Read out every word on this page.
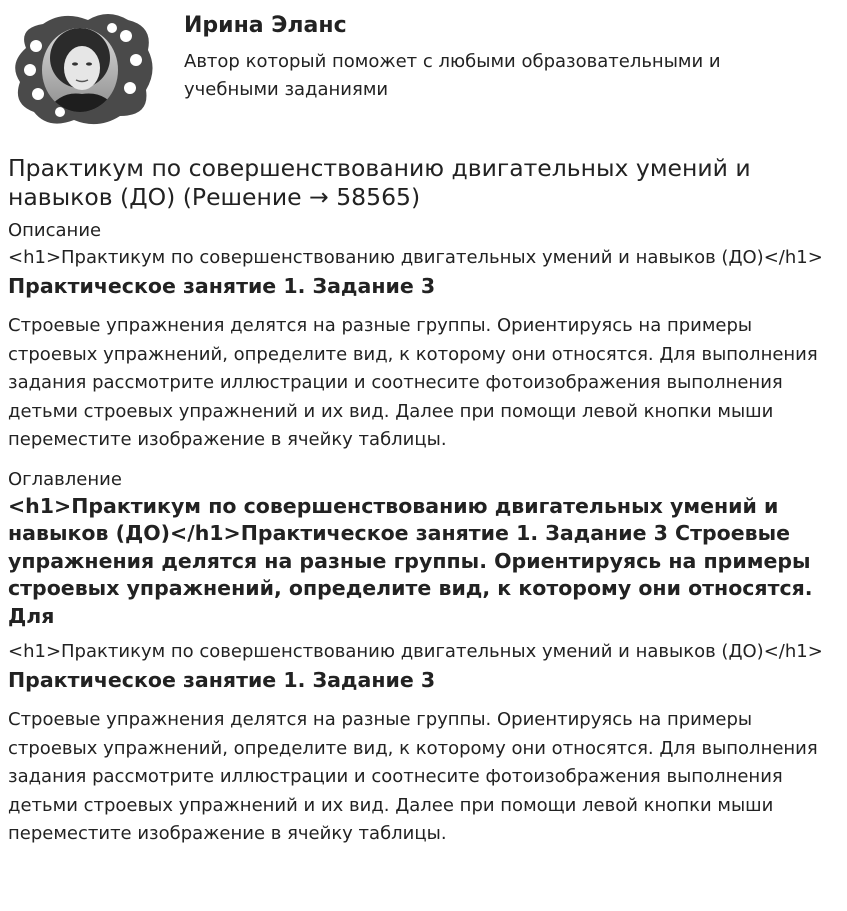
Ирина Эланс

Автор который поможет с любыми образовательными и учебными заданиями

Практикум по совершенствованию двигательных умений и навыков (ДО) (Решение → 58565)

Описание

<h1>Практикум по совершенствованию двигательных умений и навыков (ДО)</h1>

Практическое занятие 1. Задание 3

Строевые упражнения делятся на разные группы. Ориентируясь на примеры строевых упражнений, определите вид, к которому они относятся. Для выполнения задания рассмотрите иллюстрации и соотнесите фотоизображения выполнения детьми строевых упражнений и их вид. Далее при помощи левой кнопки мыши переместите изображение в ячейку таблицы.

Оглавление

<h1>Практикум по совершенствованию двигательных умений и навыков (ДО)</h1>Практическое занятие 1. Задание 3 Строевые упражнения делятся на разные группы. Ориентируясь на примеры строевых упражнений, определите вид, к которому они относятся. Для

<h1>Практикум по совершенствованию двигательных умений и навыков (ДО)</h1>

Практическое занятие 1. Задание 3

Строевые упражнения делятся на разные группы. Ориентируясь на примеры строевых упражнений, определите вид, к которому они относятся. Для выполнения задания рассмотрите иллюстрации и соотнесите фотоизображения выполнения детьми строевых упражнений и их вид. Далее при помощи левой кнопки мыши переместите изображение в ячейку таблицы.
